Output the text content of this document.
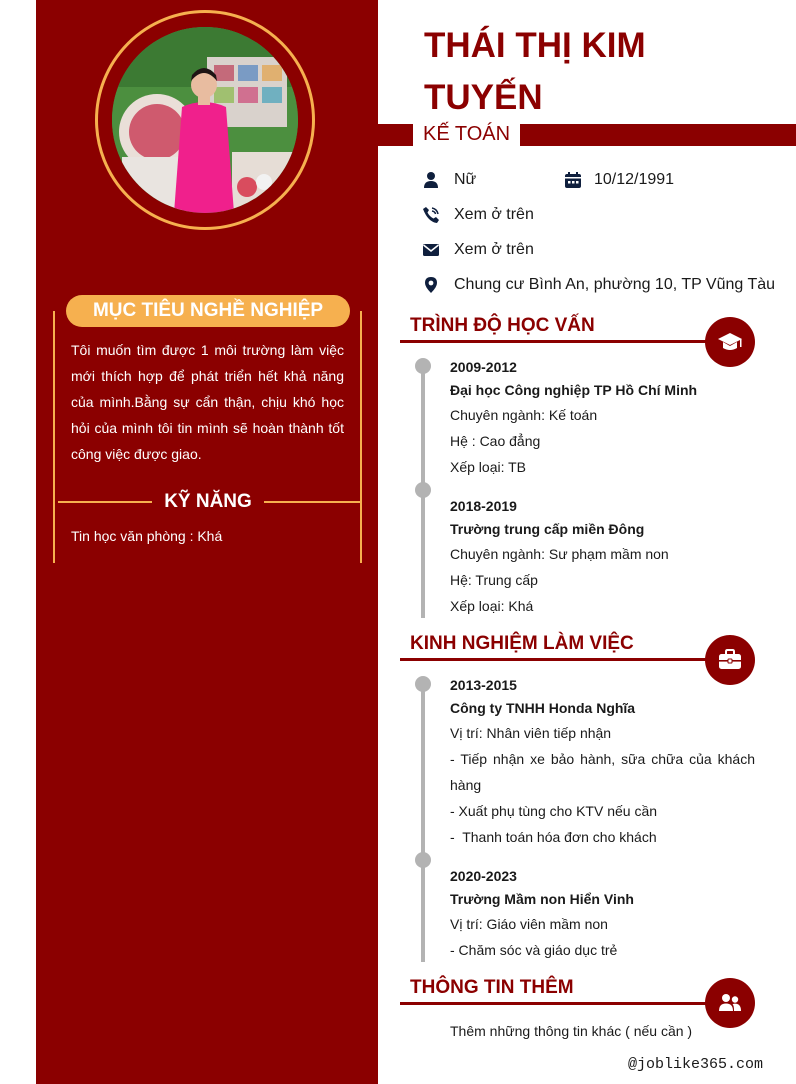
MỤC TIÊU NGHỀ NGHIỆP
Tôi muốn tìm được 1 môi trường làm việc mới thích hợp để phát triển hết khả năng của mình.Bằng sự cẩn thận, chịu khó học hỏi của mình tôi tin mình sẽ hoàn thành tốt công việc được giao.
KỸ NĂNG
Tin học văn phòng : Khá
THÁI THỊ KIM
TUYẾN
KẾ TOÁN
Nữ	10/12/1991
Xem ở trên
Xem ở trên
Chung cư Bình An, phường 10, TP Vũng Tàu
TRÌNH ĐỘ HỌC VẤN
2009-2012
Đại học Công nghiệp TP Hồ Chí Minh
Chuyên ngành: Kế toán
Hệ : Cao đẳng
Xếp loại: TB
2018-2019
Trường trung cấp miền Đông
Chuyên ngành: Sư phạm mầm non
Hệ: Trung cấp
Xếp loại: Khá
KINH NGHIỆM LÀM VIỆC
2013-2015
Công ty TNHH Honda Nghĩa
Vị trí: Nhân viên tiếp nhận
- Tiếp nhận xe bảo hành, sữa chữa của khách hàng
- Xuất phụ tùng cho KTV nếu cần
-  Thanh toán hóa đơn cho khách
2020-2023
Trường Mầm non Hiển Vinh
Vị trí: Giáo viên mầm non
- Chăm sóc và giáo dục trẻ
THÔNG TIN THÊM
Thêm những thông tin khác ( nếu cần )
@joblike365.com
